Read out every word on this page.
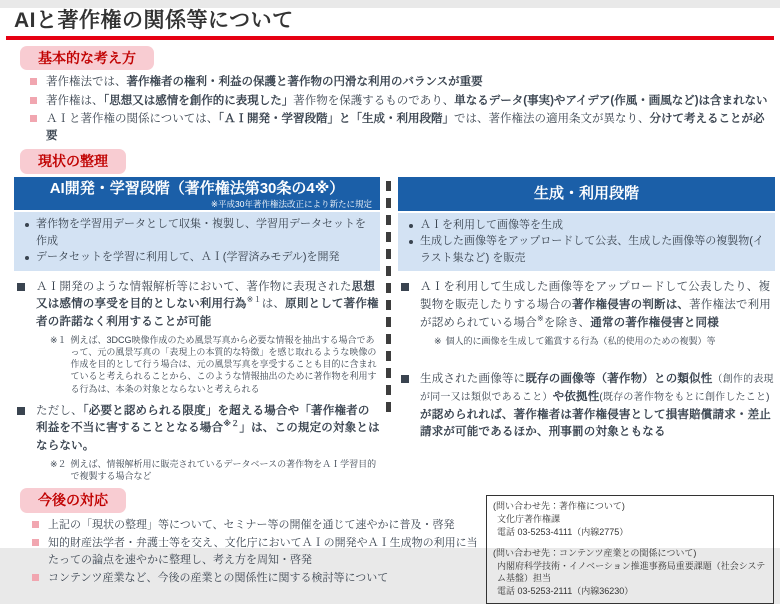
AIと著作権の関係等について
基本的な考え方
著作権法では、著作権者の権利・利益の保護と著作物の円滑な利用のバランスが重要
著作権は、「思想又は感情を創作的に表現した」著作物を保護するものであり、単なるデータ(事実)やアイデア(作風・画風など)は含まれない
ＡＩと著作権の関係については、「ＡＩ開発・学習段階」と「生成・利用段階」では、著作権法の適用条文が異なり、分けて考えることが必要
現状の整理
AI開発・学習段階（著作権法第30条の4※）
※平成30年著作権法改正により新たに規定
著作物を学習用データとして収集・複製し、学習用データセットを作成
データセットを学習に利用して、ＡＩ(学習済みモデル)を開発
ＡＩ開発のような情報解析等において、著作物に表現された思想又は感情の享受を目的としない利用行為$^{※1}$は、原則として著作権者の許諾なく利用することが可能
※１ 例えば、3DCG映像作成のため風景写真から必要な情報を抽出する場合であって、元の風景写真の「表現上の本質的な特徴」を感じ取れるような映像の作成を目的として行う場合は、元の風景写真を享受することも目的に含まれていると考えられることから、このような情報抽出のために著作物を利用する行為は、本条の対象とならないと考えられる
ただし、「必要と認められる限度」を超える場合や「著作権者の利益を不当に害することとなる場合$^{※2}$」は、この規定の対象とはならない。
※２ 例えば、情報解析用に販売されているデータベースの著作物をＡＩ学習目的で複製する場合など
生成・利用段階
ＡＩを利用して画像等を生成
生成した画像等をアップロードして公表、生成した画像等の複製物(イラスト集など) を販売
ＡＩを利用して生成した画像等をアップロードして公表したり、複製物を販売したりする場合の著作権侵害の判断は、著作権法で利用が認められている場合※を除き、通常の著作権侵害と同様
※ 個人的に画像を生成して鑑賞する行為（私的使用のための複製）等
生成された画像等に既存の画像等（著作物）との類似性（創作的表現が同一又は類似であること）や依拠性(既存の著作物をもとに創作したこと)が認められれば、著作権者は著作権侵害として損害賠償請求・差止請求が可能であるほか、刑事罰の対象ともなる
今後の対応
上記の「現状の整理」等について、セミナー等の開催を通じて速やかに普及・啓発
知的財産法学者・弁護士等を交え、文化庁においてＡＩの開発やＡＩ生成物の利用に当たっての論点を速やかに整理し、考え方を周知・啓発
コンテンツ産業など、今後の産業との関係性に関する検討等について
(問い合わせ先：著作権について)
文化庁著作権課
電話 03-5253-4111（内線2775）
(問い合わせ先：コンテンツ産業との関係について)
内閣府科学技術・イノベーション推進事務局重要課題（社会システム基盤）担当
電話 03-5253-2111（内線36230）
